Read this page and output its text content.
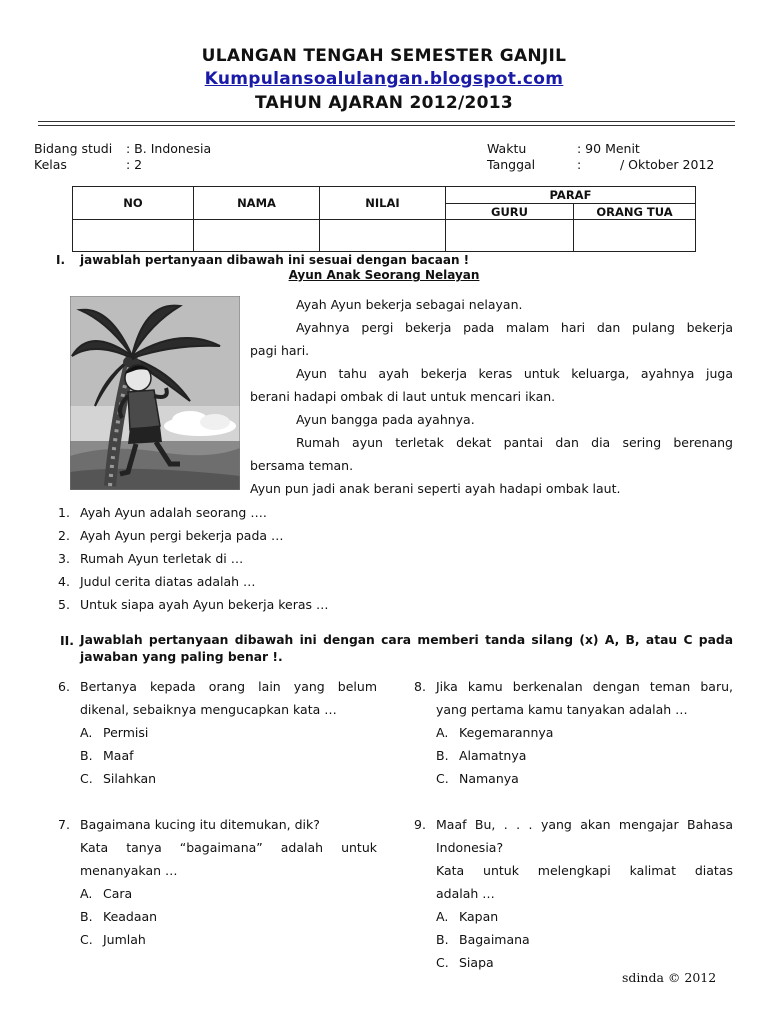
ULANGAN TENGAH SEMESTER GANJIL
Kumpulansoalulangan.blogspot.com
TAHUN AJARAN 2012/2013
Bidang studi : B. Indonesia
Kelas	: 2
Waktu	: 90 Menit
Tanggal	:	/ Oktober 2012
NO	NAMA	NILAI	PARAF	
			GURU	ORANG TUA

I. jawablah pertanyaan dibawah ini sesuai dengan bacaan !
Ayun Anak Seorang Nelayan
Ayah Ayun bekerja sebagai nelayan.
Ayahnya pergi bekerja pada malam hari dan pulang bekerja
pagi hari.
Ayun tahu ayah bekerja keras untuk keluarga, ayahnya juga
berani hadapi ombak di laut untuk mencari ikan.
Ayun bangga pada ayahnya.
Rumah ayun terletak dekat pantai dan dia sering berenang
bersama teman.
Ayun pun jadi anak berani seperti ayah hadapi ombak laut.
1. Ayah Ayun adalah seorang ….
2. Ayah Ayun pergi bekerja pada …
3. Rumah Ayun terletak di …
4. Judul cerita diatas adalah …
5. Untuk siapa ayah Ayun bekerja keras …
II. Jawablah pertanyaan dibawah ini dengan cara memberi tanda silang (x) A, B, atau C pada
jawaban yang paling benar !.
6. Bertanya kepada orang lain yang belum
dikenal, sebaiknya mengucapkan kata …
A. Permisi
B. Maaf
C. Silahkan
7. Bagaimana kucing itu ditemukan, dik?
Kata tanya “bagaimana” adalah untuk
menanyakan …
A. Cara
B. Keadaan
C. Jumlah
8. Jika kamu berkenalan dengan teman baru,
yang pertama kamu tanyakan adalah …
A. Kegemarannya
B. Alamatnya
C. Namanya
9. Maaf Bu, . . . yang akan mengajar Bahasa
Indonesia?
Kata untuk melengkapi kalimat diatas
adalah …
A. Kapan
B. Bagaimana
C. Siapa
sdinda © 2012
